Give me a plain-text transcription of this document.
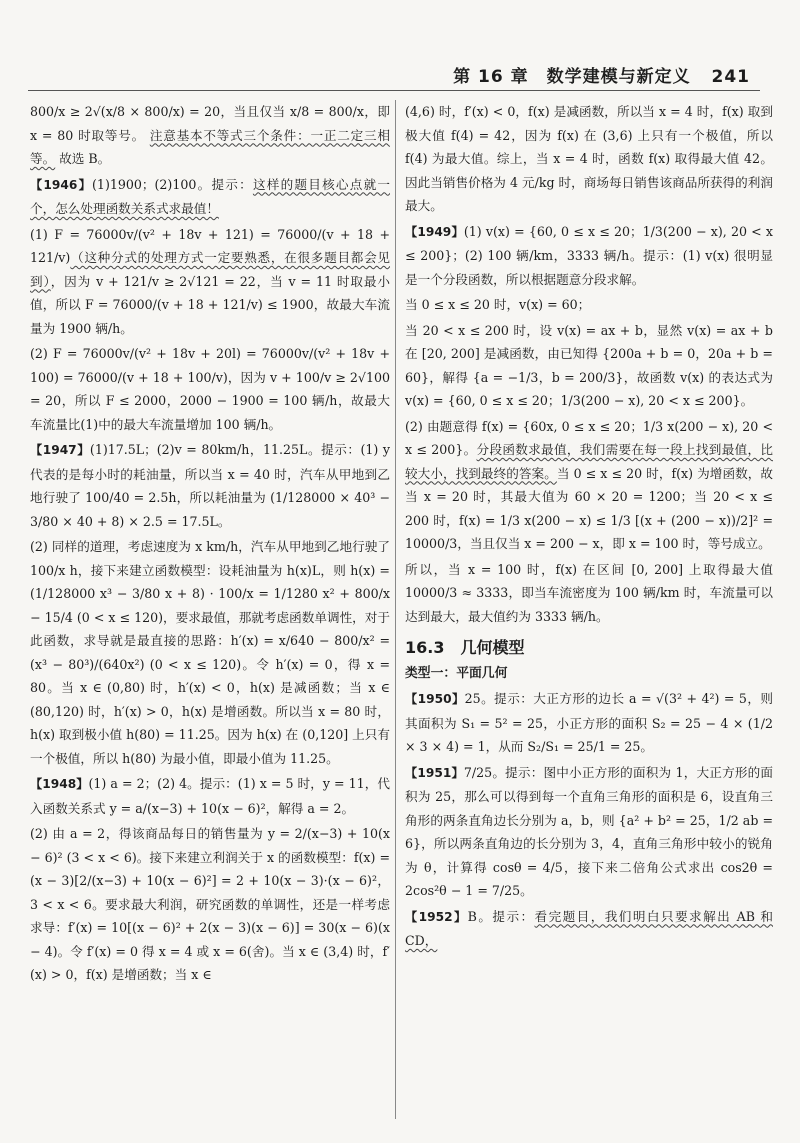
第 16 章　数学建模与新定义 241

800/x ≥ 2√(x/8 × 800/x) = 20，当且仅当 x/8 = 800/x，即 x = 80 时取等号。 注意基本不等式三个条件：一正二定三相等。 故选 B。

【1946】(1)1900；(2)100。提示：这样的题目核心点就一个，怎么处理函数关系式求最值！

(1) F = 76000v/(v² + 18v + 121) = 76000/(v + 18 + 121/v)（这种分式的处理方式一定要熟悉，在很多题目都会见到），因为 v + 121/v ≥ 2√121 = 22，当 v = 11 时取最小值，所以 F = 76000/(v + 18 + 121/v) ≤ 1900，故最大车流量为 1900 辆/h。

(2) F = 76000v/(v² + 18v + 20l) = 76000v/(v² + 18v + 100) = 76000/(v + 18 + 100/v)，因为 v + 100/v ≥ 2√100 = 20，所以 F ≤ 2000，2000 − 1900 = 100 辆/h，故最大车流量比(1)中的最大车流量增加 100 辆/h。

【1947】(1)17.5L；(2)v = 80km/h，11.25L。提示：(1) y 代表的是每小时的耗油量，所以当 x = 40 时，汽车从甲地到乙地行驶了 100/40 = 2.5h，所以耗油量为 (1/128000 × 40³ − 3/80 × 40 + 8) × 2.5 = 17.5L。

(2) 同样的道理，考虑速度为 x km/h，汽车从甲地到乙地行驶了 100/x h，接下来建立函数模型：设耗油量为 h(x)L，则 h(x) = (1/128000 x³ − 3/80 x + 8) · 100/x = 1/1280 x² + 800/x − 15/4 (0 < x ≤ 120)，要求最值，那就考虑函数单调性，对于此函数，求导就是最直接的思路：h′(x) = x/640 − 800/x² = (x³ − 80³)/(640x²) (0 < x ≤ 120)。令 h′(x) = 0，得 x = 80。当 x ∈ (0,80) 时，h′(x) < 0，h(x) 是减函数；当 x ∈ (80,120) 时，h′(x) > 0，h(x) 是增函数。所以当 x = 80 时，h(x) 取到极小值 h(80) = 11.25。因为 h(x) 在 (0,120] 上只有一个极值，所以 h(80) 为最小值，即最小值为 11.25。

【1948】(1) a = 2；(2) 4。提示：(1) x = 5 时，y = 11，代入函数关系式 y = a/(x−3) + 10(x − 6)²，解得 a = 2。

(2) 由 a = 2，得该商品每日的销售量为 y = 2/(x−3) + 10(x − 6)² (3 < x < 6)。接下来建立利润关于 x 的函数模型：f(x) = (x − 3)[2/(x−3) + 10(x − 6)²] = 2 + 10(x − 3)·(x − 6)²，3 < x < 6。要求最大利润，研究函数的单调性，还是一样考虑求导：f′(x) = 10[(x − 6)² + 2(x − 3)(x − 6)] = 30(x − 6)(x − 4)。令 f′(x) = 0 得 x = 4 或 x = 6(舍)。当 x ∈ (3,4) 时，f′(x) > 0，f(x) 是增函数；当 x ∈

(4,6) 时，f′(x) < 0，f(x) 是减函数，所以当 x = 4 时，f(x) 取到极大值 f(4) = 42，因为 f(x) 在 (3,6) 上只有一个极值，所以 f(4) 为最大值。综上，当 x = 4 时，函数 f(x) 取得最大值 42。因此当销售价格为 4 元/kg 时，商场每日销售该商品所获得的利润最大。

【1949】(1) v(x) = {60, 0 ≤ x ≤ 20；1/3(200 − x), 20 < x ≤ 200}；(2) 100 辆/km，3333 辆/h。提示：(1) v(x) 很明显是一个分段函数，所以根据题意分段求解。

当 0 ≤ x ≤ 20 时，v(x) = 60；

当 20 < x ≤ 200 时，设 v(x) = ax + b，显然 v(x) = ax + b 在 [20, 200] 是减函数，由已知得 {200a + b = 0，20a + b = 60}，解得 {a = −1/3，b = 200/3}，故函数 v(x) 的表达式为 v(x) = {60, 0 ≤ x ≤ 20；1/3(200 − x), 20 < x ≤ 200}。

(2) 由题意得 f(x) = {60x, 0 ≤ x ≤ 20；1/3 x(200 − x), 20 < x ≤ 200}。分段函数求最值，我们需要在每一段上找到最值，比较大小，找到最终的答案。当 0 ≤ x ≤ 20 时，f(x) 为增函数，故当 x = 20 时，其最大值为 60 × 20 = 1200；当 20 < x ≤ 200 时，f(x) = 1/3 x(200 − x) ≤ 1/3 [(x + (200 − x))/2]² = 10000/3，当且仅当 x = 200 − x，即 x = 100 时，等号成立。

所以，当 x = 100 时，f(x) 在区间 [0, 200] 上取得最大值 10000/3 ≈ 3333，即当车流密度为 100 辆/km 时，车流量可以达到最大，最大值约为 3333 辆/h。

16.3　几何模型
类型一：平面几何

【1950】25。提示：大正方形的边长 a = √(3² + 4²) = 5，则其面积为 S₁ = 5² = 25，小正方形的面积 S₂ = 25 − 4 × (1/2 × 3 × 4) = 1，从而 S₂/S₁ = 25/1 = 25。

【1951】7/25。提示：图中小正方形的面积为 1，大正方形的面积为 25，那么可以得到每一个直角三角形的面积是 6，设直角三角形的两条直角边长分别为 a，b，则 {a² + b² = 25，1/2 ab = 6}，所以两条直角边的长分别为 3，4，直角三角形中较小的锐角为 θ，计算得 cosθ = 4/5，接下来二倍角公式求出 cos2θ = 2cos²θ − 1 = 7/25。

【1952】B。提示：看完题目，我们明白只要求解出 AB 和 CD，
